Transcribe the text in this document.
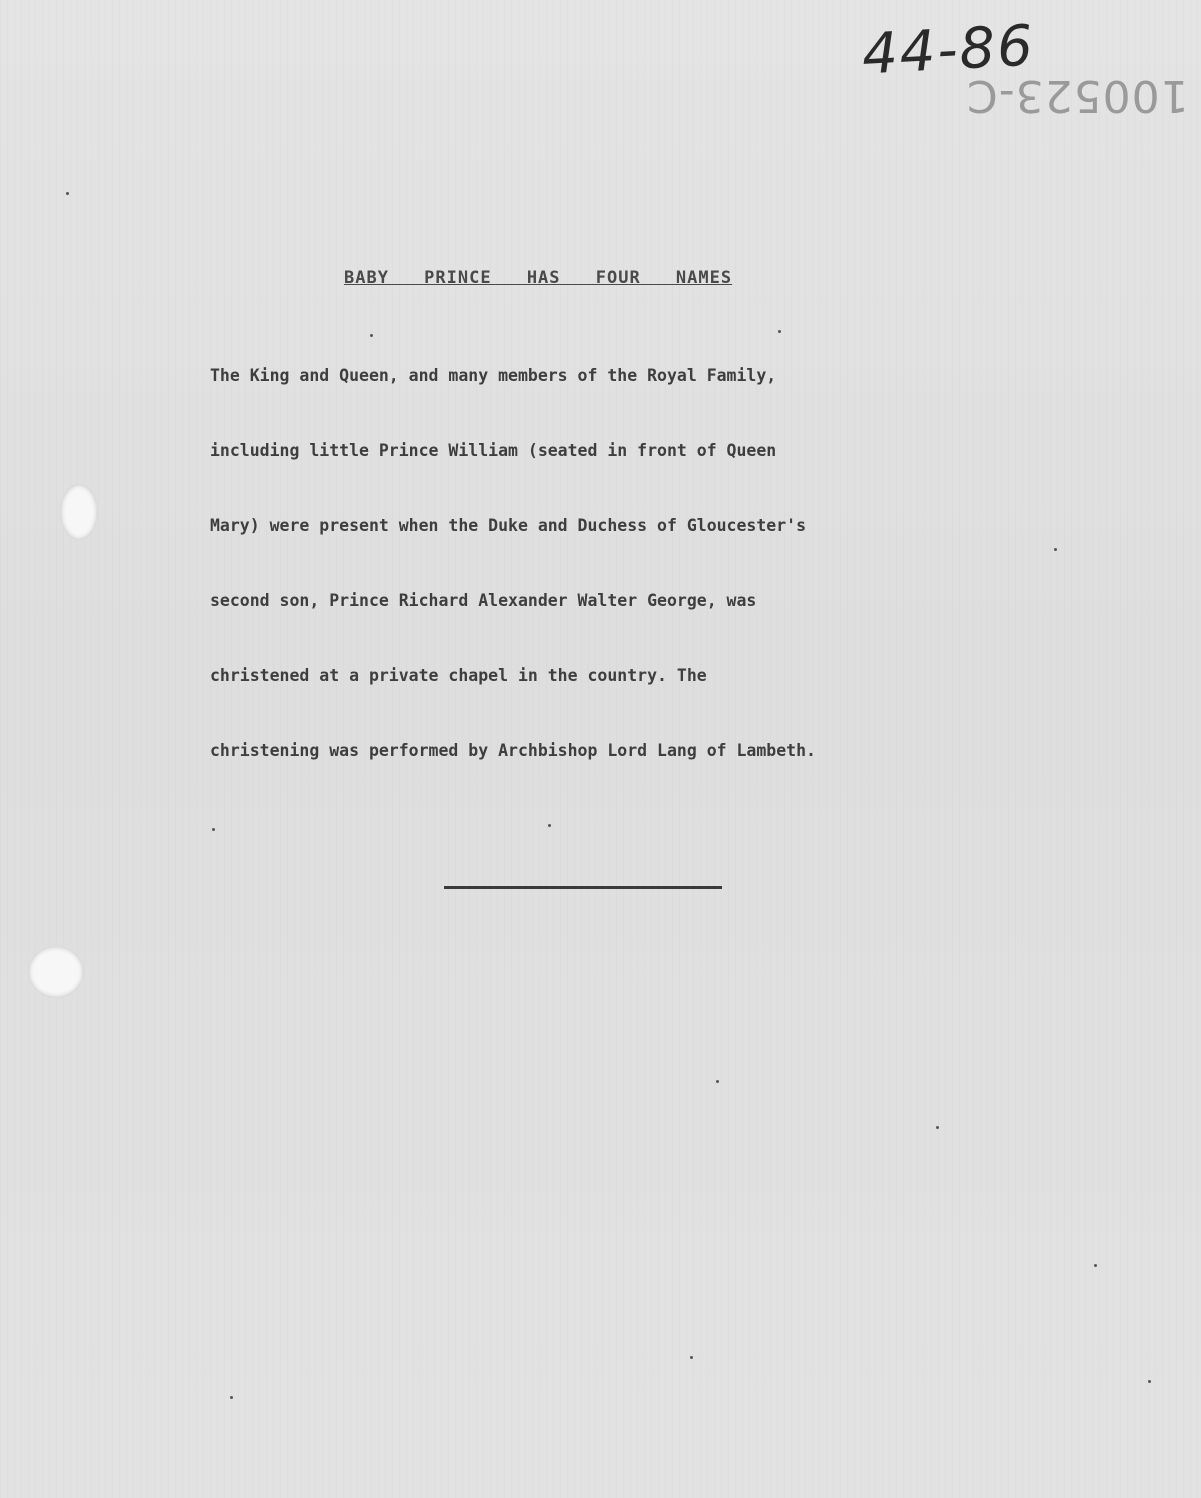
44-86
100523-C
BABY PRINCE HAS FOUR NAMES
The King and Queen, and many members of the Royal Family,
including little Prince William (seated in front of Queen
Mary) were present when the Duke and Duchess of Gloucester's
second son, Prince Richard Alexander Walter George, was
christened at a private chapel in the country. The
christening was performed by Archbishop Lord Lang of Lambeth.
